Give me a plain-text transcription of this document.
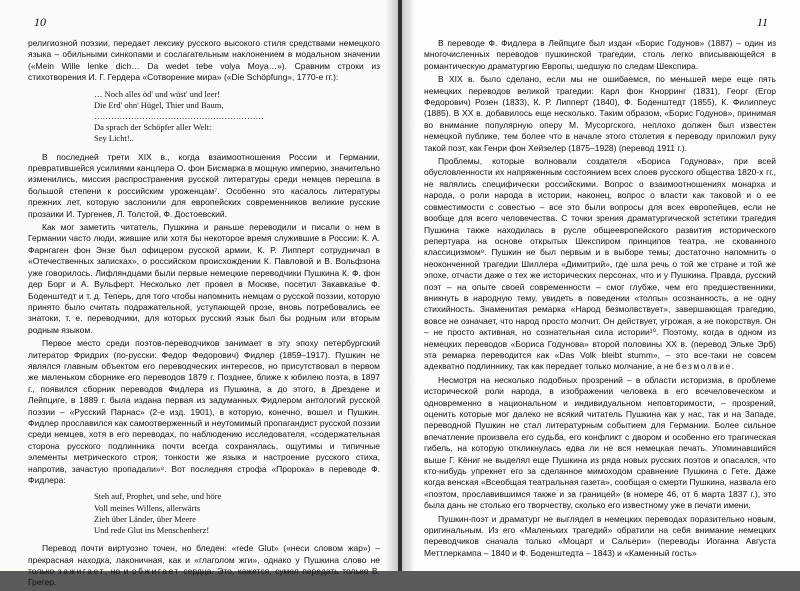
10

религиозной поэзии, передает лексику русского высокого стиля средствами немецкого языка – обильными синкопами и сослагательным наклонением в модальном значении («Mein Wille lenke dich… Da wedet tebe volya Moya…»). Сравним строки из стихотворения И. Г. Гердера «Сотворение мира» («Die Schöpfung», 1770-е гг.):

… Noch alles öd' und wüst' und leer!
Die Erd' ohn' Hügel, Thier und Baum,
……………………………………………………
Da sprach der Schöpfer aller Welt:
Sey Licht!..

В последней трети XIX в., когда взаимоотношения России и Германии, превратившейся усилиями канцлера О. фон Бисмарка в мощную империю, значительно изменились, миссия распространения русской литературы среди немцев перешла в большой степени к российским уроженцам⁷. Особенно это касалось литературы прежних лет, которую заслонили для европейских современников великие русские прозаики И. Тургенев, Л. Толстой, Ф. Достоевский.

Как мог заметить читатель, Пушкина и раньше переводили и писали о нем в Германии часто люди, жившие или хотя бы некоторое время служившие в России: К. А. Фарнгаген фон Энзе был офицером русской армии, К. Р. Липперт сотрудничал в «Отечественных записках», о российском происхождении К. Павловой и В. Вольфзона уже говорилось. Лифляндцами были первые немецкие переводчики Пушкина К. Ф. фон дер Борг и А. Вульферт. Несколько лет провел в Москве, посетил Закавказье Ф. Боденштедт и т. д. Теперь, для того чтобы напомнить немцам о русской поэзии, которую принято было считать подражательной, уступающей прозе, вновь потребовались ее знатоки, т. е. переводчики, для которых русский язык был бы родным или вторым родным языком.

Первое место среди поэтов-переводчиков занимает в эту эпоху петербургский литератор Фридрих (по-русски: Федор Федорович) Фидлер (1859–1917). Пушкин не являлся главным объектом его переводческих интересов, но присутствовал в первом же маленьком сборнике его переводов 1879 г. Позднее, ближе к юбилею поэта, в 1897 г., появился сборник переводов Фидлера из Пушкина, а до этого, в Дрездене и Лейпциге, в 1889 г. была издана первая из задуманных Фидлером антологий русской поэзии – «Русский Парнас» (2-е изд. 1901), в которую, конечно, вошел и Пушкин. Фидлер прославился как самоотверженный и неутомимый пропагандист русской поэзии среди немцев, хотя в его переводах, по наблюдению исследователя, «содержательная сторона русского подлинника почти всегда сохранялась, ощутимы и типичные элементы метрического строя; тонкости же языка и настроение русского стиха, напротив, зачастую пропадали»⁸. Вот последняя строфа «Пророка» в переводе Ф. Фидлера:

Steh auf, Prophet, und sehe, und höre
Voll meines Willens, allerwärts
Zieh über Länder, über Meere
Und rede Glut ins Menschenherz!

Перевод почти виртуозно точен, но бледен: «rede Glut» («неси словом жар») – прекрасная находка, лаконичная, как и «глаголом жги», однако у Пушкина слово не только зажигает, но и обжигает сердца. Это, кажется, сумел передать только В. Грегер.

11

В переводе Ф. Фидлера в Лейпциге был издан «Борис Годунов» (1887) – один из многочисленных переводов пушкинской трагедии, столь легко вписывающейся в романтическую драматургию Европы, шедшую по следам Шекспира.

В XIX в. было сделано, если мы не ошибаемся, по меньшей мере еще пять немецких переводов великой трагедии: Карл фон Кнорринг (1831), Георг (Егор Федорович) Розен (1833), К. Р. Липперт (1840), Ф. Боденштедт (1855), К. Филиппеус (1885). В XX в. добавилось еще несколько. Таким образом, «Борис Годунов», принимая во внимание популярную оперу М. Мусоргского, неплохо должен был известен немецкой публике, тем более что в начале этого столетия к переводу приложил руку такой поэт, как Генри фон Хейзелер (1875–1928) (перевод 1911 г.).

Проблемы, которые волновали создателя «Бориса Годунова», при всей обусловленности их напряженным состоянием всех слоев русского общества 1820-х гг., не являлись специфически российскими. Вопрос о взаимоотношениях монарха и народа, о роли народа в истории, наконец, вопрос о власти как таковой и о ее совместимости с совестью – все это были вопросы для всех европейцев, если не вообще для всего человечества. С точки зрения драматургической эстетики трагедия Пушкина также находилась в русле общеевропейского развития исторического репертуара на основе открытых Шекспиром принципов театра, не скованного классицизмом⁹. Пушкин не был первым и в выборе темы; достаточно напомнить о неоконченной трагедии Шиллера «Димитрий», где шла речь о той же стране и той же эпохе, отчасти даже о тех же исторических персонах, что и у Пушкина. Правда, русский поэт – на опыте своей современности – смог глубже, чем его предшественники, вникнуть в народную тему, увидеть в поведении «толпы» осознанность, а не одну стихийность. Знаменитая ремарка «Народ безмолвствует», завершающая трагедию, вовсе не означает, что народ просто молчит. Он действует, угрожая, а не покорствуя. Он – не просто активная, но сознательная сила истории¹⁰. Поэтому, когда в одном из немецких переводов «Бориса Годунова» второй половины XX в. (перевод Эльке Эрб) эта ремарка переводится как «Das Volk bleibt stumm», – это все-таки не совсем адекватно подлиннику, так как передает только молчание, а не безмолвие.

Несмотря на несколько подобных прозрений – в области историзма, в проблеме исторической роли народа, в изображении человека в его всечеловеческом и одновременно в национальном и индивидуальном неповторимости, – прозрений, оценить которые мог далеко не всякий читатель Пушкина как у нас, так и на Западе, переводной Пушкин не стал литературным событием для Германии. Более сильное впечатление произвела его судьба, его конфликт с двором и особенно его трагическая гибель, на которую откликнулась едва ли не вся немецкая печать. Упоминавшийся выше Г. Кёниг не выделял еще Пушкина из ряда новых русских поэтов и опасался, что кто-нибудь упрекнет его за сделанное мимоходом сравнение Пушкина с Гете. Даже когда венская «Всеобщая театральная газета», сообщая о смерти Пушкина, назвала его «поэтом, прославившимся также и за границей» (в номере 46, от 6 марта 1837 г.), это была дань не столько его творчеству, сколько его известному уже в печати имени.

Пушкин-поэт и драматург не выглядел в немецких переводах поразительно новым, оригинальным. Из его «Маленьких трагедий» обратили на себя внимание немецких переводчиков сначала только «Моцарт и Сальери» (переводы Иоганна Августа Меттлеркампа – 1840 и Ф. Боденштедта – 1843) и «Каменный гость»
